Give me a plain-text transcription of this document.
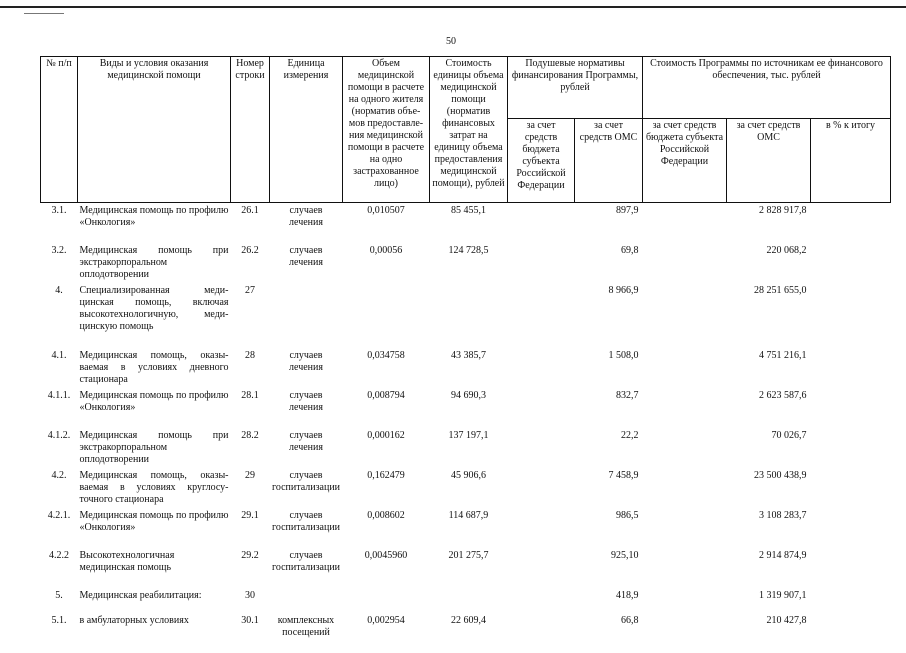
50
№ п/п	Виды и условия оказания медицинской помощи	Номер строки	Единица измерения	Объем медицинской помощи в расчете на одного жителя (норматив объе-мов предоставле-ния медицинской помощи в расчете на одно застрахованное лицо)	Стоимость единицы объема медицинской помощи (норматив финансовых затрат на единицу объема предоставления медицинской помощи), рублей	Подушевые нормативы финансирования Программы, рублей		Стоимость Программы по источникам ее финансового обеспечения, тыс. рублей		
						за счет средств бюджета субъекта Российской Федерации	за счет средств ОМС	за счет средств бюджета субъекта Российской Федерации	за счет средств ОМС	в % к итогу
3.1.	Медицинская помощь по профилю «Онкология»	26.1	случаев лечения	0,010507	85 455,1		897,9		2 828 917,8	
3.2.	Медицинская помощь при экстракорпоральном оплодотворении	26.2	случаев лечения	0,00056	124 728,5		69,8		220 068,2	
4.	Специализированная меди-цинская помощь, включая высокотехнологичную, меди-цинскую помощь	27					8 966,9		28 251 655,0	
4.1.	Медицинская помощь, оказы-ваемая в условиях дневного стационара	28	случаев лечения	0,034758	43 385,7		1 508,0		4 751 216,1	
4.1.1.	Медицинская помощь по профилю «Онкология»	28.1	случаев лечения	0,008794	94 690,3		832,7		2 623 587,6	
4.1.2.	Медицинская помощь при экстракорпоральном оплодотворении	28.2	случаев лечения	0,000162	137 197,1		22,2		70 026,7	
4.2.	Медицинская помощь, оказы-ваемая в условиях круглосу-точного стационара	29	случаев госпитализации	0,162479	45 906,6		7 458,9		23 500 438,9	
4.2.1.	Медицинская помощь по профилю «Онкология»	29.1	случаев госпитализации	0,008602	114 687,9		986,5		3 108 283,7	
4.2.2	Высокотехнологичная медицинская помощь	29.2	случаев госпитализации	0,0045960	201 275,7		925,10		2 914 874,9	
5.	Медицинская реабилитация:	30					418,9		1 319 907,1	
5.1.	в амбулаторных условиях	30.1	комплексных посещений	0,002954	22 609,4		66,8		210 427,8	
